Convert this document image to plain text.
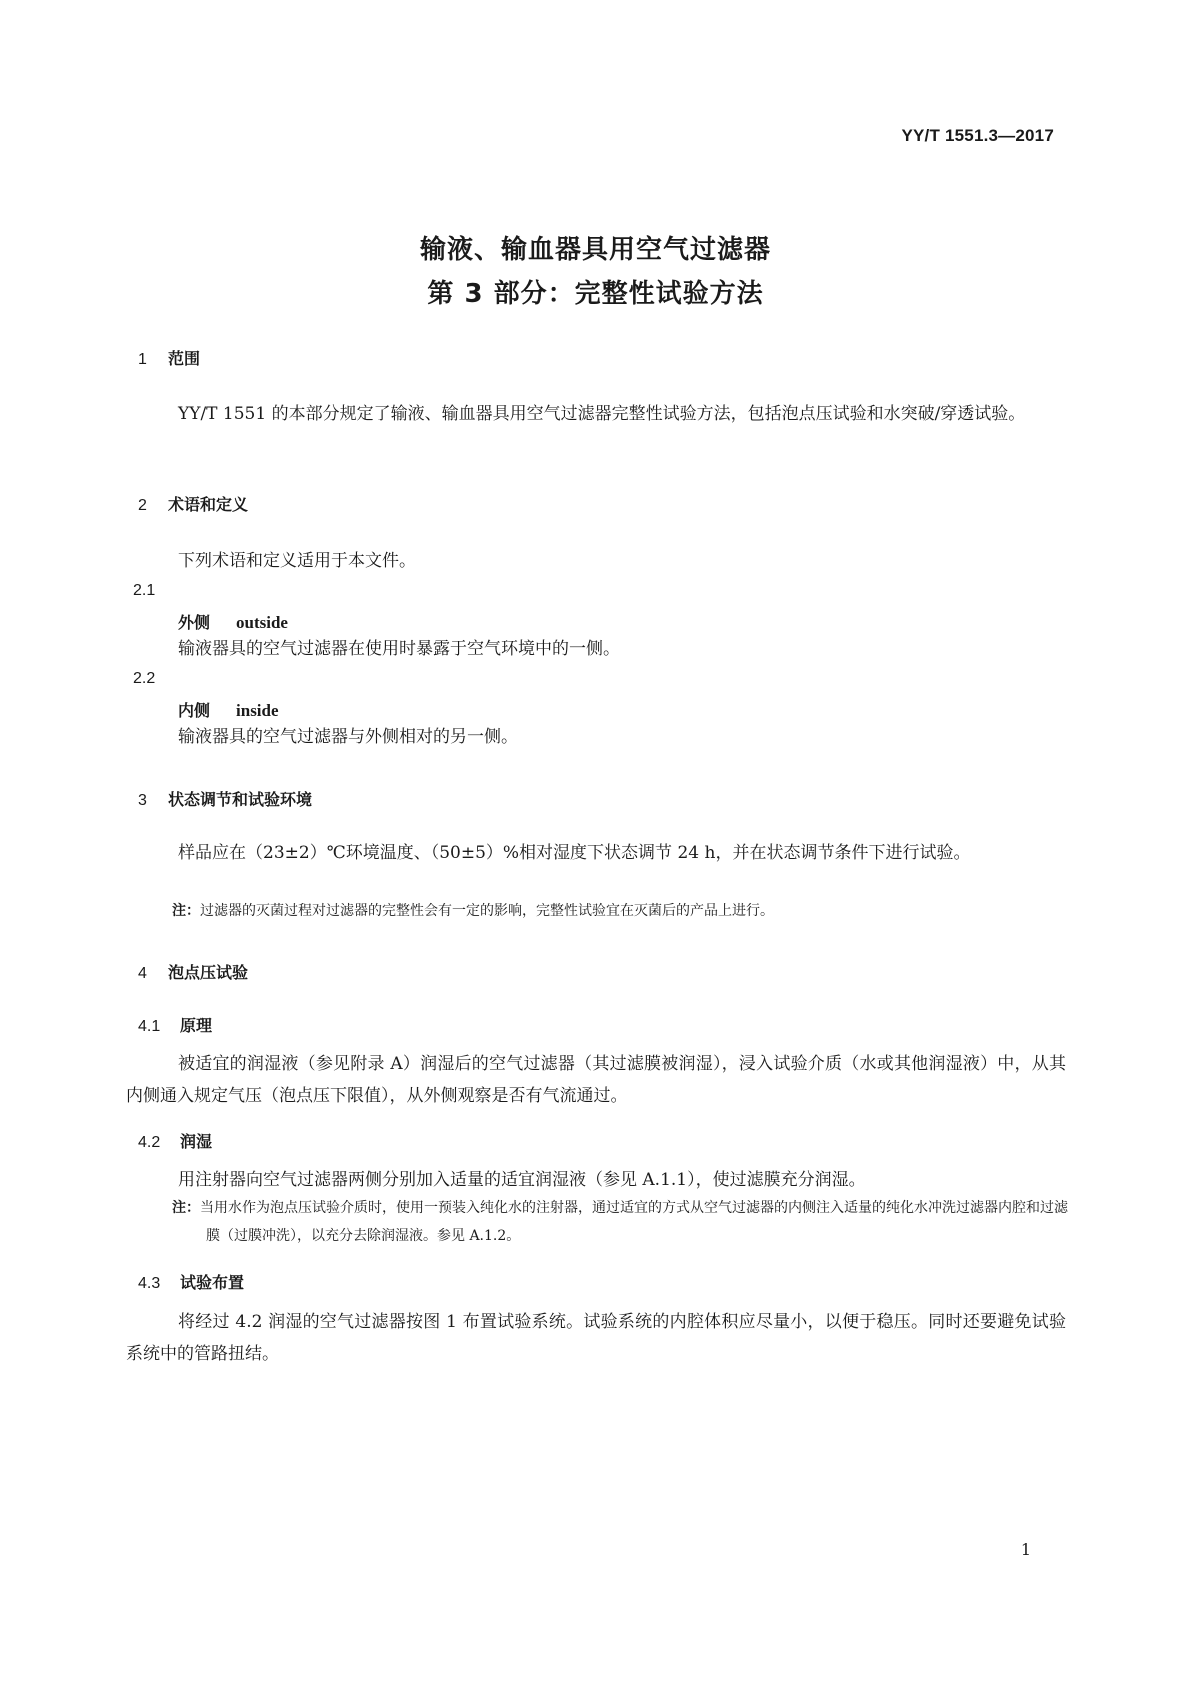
YY/T 1551.3—2017
输液、输血器具用空气过滤器
第 3 部分：完整性试验方法
1 范围
YY/T 1551 的本部分规定了输液、输血器具用空气过滤器完整性试验方法，包括泡点压试验和水突破/穿透试验。
2 术语和定义
下列术语和定义适用于本文件。
2.1
外侧 outside
输液器具的空气过滤器在使用时暴露于空气环境中的一侧。
2.2
内侧 inside
输液器具的空气过滤器与外侧相对的另一侧。
3 状态调节和试验环境
样品应在（23±2）℃环境温度、（50±5）%相对湿度下状态调节 24 h，并在状态调节条件下进行试验。
注：过滤器的灭菌过程对过滤器的完整性会有一定的影响，完整性试验宜在灭菌后的产品上进行。
4 泡点压试验
4.1 原理
被适宜的润湿液（参见附录 A）润湿后的空气过滤器（其过滤膜被润湿），浸入试验介质（水或其他润湿液）中，从其内侧通入规定气压（泡点压下限值），从外侧观察是否有气流通过。
4.2 润湿
用注射器向空气过滤器两侧分别加入适量的适宜润湿液（参见 A.1.1），使过滤膜充分润湿。
注：当用水作为泡点压试验介质时，使用一预装入纯化水的注射器，通过适宜的方式从空气过滤器的内侧注入适量的纯化水冲洗过滤器内腔和过滤膜（过膜冲洗），以充分去除润湿液。参见 A.1.2。
4.3 试验布置
将经过 4.2 润湿的空气过滤器按图 1 布置试验系统。试验系统的内腔体积应尽量小，以便于稳压。同时还要避免试验系统中的管路扭结。
1
